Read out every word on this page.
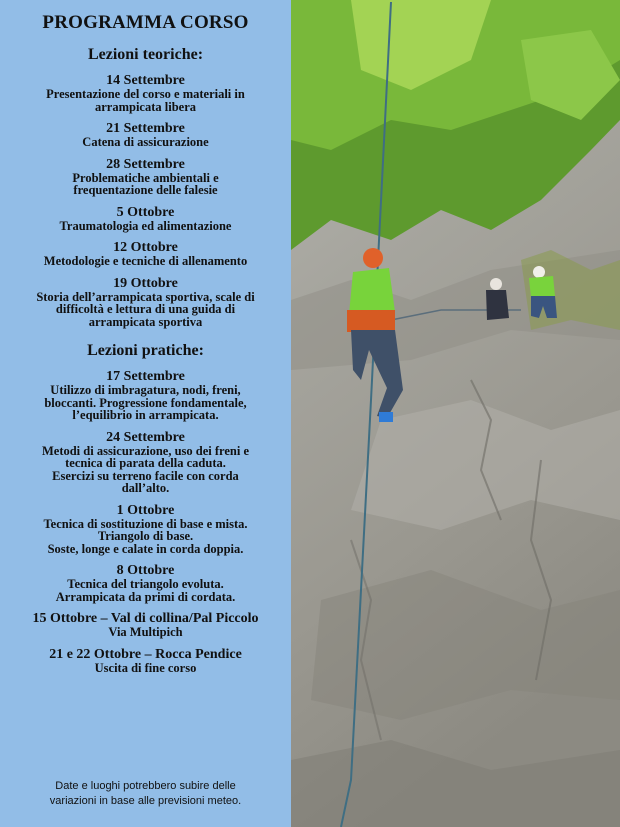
PROGRAMMA CORSO
Lezioni teoriche:
14 Settembre
Presentazione del corso e materiali in
arrampicata libera
21 Settembre
Catena di assicurazione
28 Settembre
Problematiche ambientali e
frequentazione delle falesie
5 Ottobre
Traumatologia ed alimentazione
12 Ottobre
Metodologie e tecniche di allenamento
19 Ottobre
Storia dell’arrampicata sportiva, scale di
difficoltà e lettura di una guida di
arrampicata sportiva
Lezioni pratiche:
17 Settembre
Utilizzo di imbragatura, nodi, freni,
bloccanti. Progressione fondamentale,
l’equilibrio in arrampicata.
24 Settembre
Metodi di assicurazione, uso dei freni e
tecnica di parata della caduta.
Esercizi su terreno facile con corda
dall’alto.
1 Ottobre
Tecnica di sostituzione di base e mista.
Triangolo di base.
Soste, longe e calate in corda doppia.
8 Ottobre
Tecnica del triangolo evoluta.
Arrampicata da primi di cordata.
15 Ottobre – Val di collina/Pal Piccolo
Via Multipich
21 e 22 Ottobre – Rocca Pendice
Uscita di fine corso
Date e luoghi potrebbero subire delle
variazioni in base alle previsioni meteo.
